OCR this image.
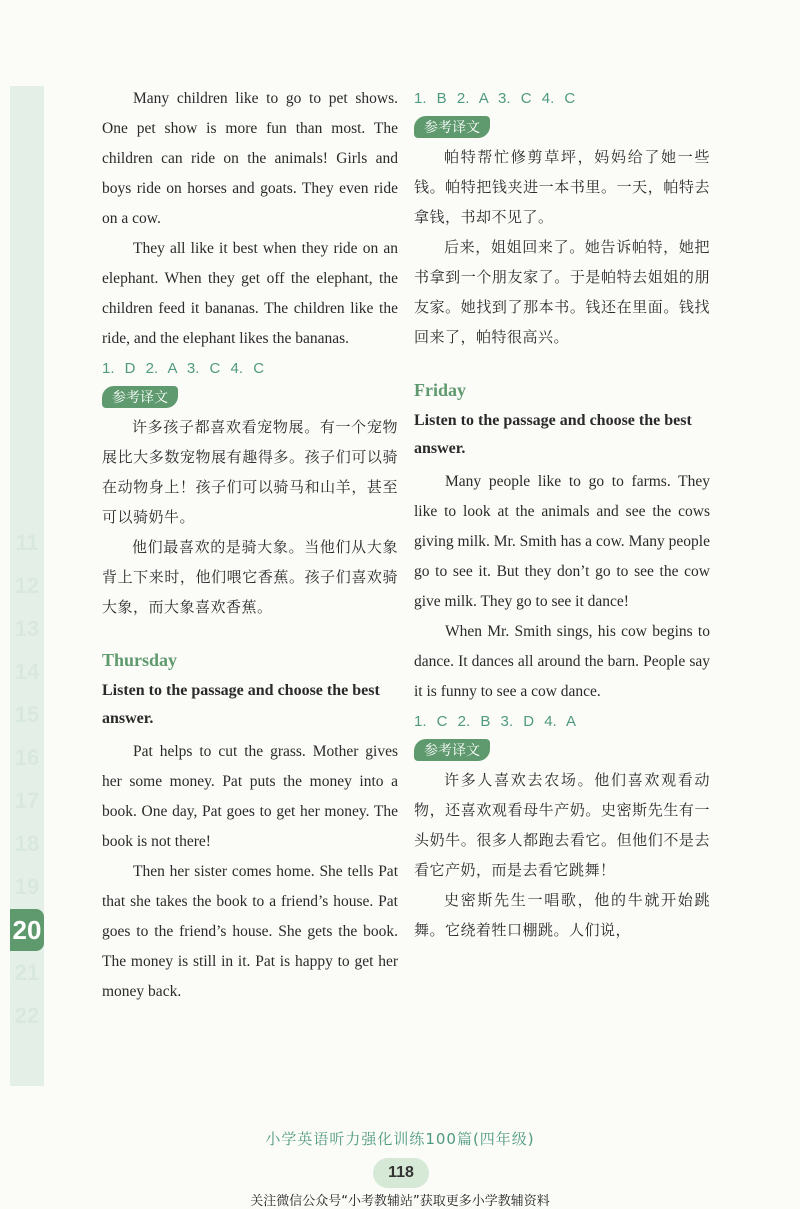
11
12
13
14
15
16
17
18
19
20
21
22

Many children like to go to pet shows. One pet show is more fun than most. The children can ride on the animals! Girls and boys ride on horses and goats. They even ride on a cow.

They all like it best when they ride on an elephant. When they get off the elephant, the children feed it bananas. The children like the ride, and the elephant likes the bananas.

1. D 2. A 3. C 4. C
参考译文

许多孩子都喜欢看宠物展。有一个宠物展比大多数宠物展有趣得多。孩子们可以骑在动物身上！孩子们可以骑马和山羊，甚至可以骑奶牛。

他们最喜欢的是骑大象。当他们从大象背上下来时，他们喂它香蕉。孩子们喜欢骑大象，而大象喜欢香蕉。

Thursday
Listen to the passage and choose the best answer.

Pat helps to cut the grass. Mother gives her some money. Pat puts the money into a book. One day, Pat goes to get her money. The book is not there!

Then her sister comes home. She tells Pat that she takes the book to a friend’s house. Pat goes to the friend’s house. She gets the book. The money is still in it. Pat is happy to get her money back.

1. B 2. A 3. C 4. C
参考译文

帕特帮忙修剪草坪，妈妈给了她一些钱。帕特把钱夹进一本书里。一天，帕特去拿钱，书却不见了。

后来，姐姐回来了。她告诉帕特，她把书拿到一个朋友家了。于是帕特去姐姐的朋友家。她找到了那本书。钱还在里面。钱找回来了，帕特很高兴。

Friday
Listen to the passage and choose the best answer.

Many people like to go to farms. They like to look at the animals and see the cows giving milk. Mr. Smith has a cow. Many people go to see it. But they don’t go to see the cow give milk. They go to see it dance!

When Mr. Smith sings, his cow begins to dance. It dances all around the barn. People say it is funny to see a cow dance.

1. C 2. B 3. D 4. A
参考译文

许多人喜欢去农场。他们喜欢观看动物，还喜欢观看母牛产奶。史密斯先生有一头奶牛。很多人都跑去看它。但他们不是去看它产奶，而是去看它跳舞！

史密斯先生一唱歌，他的牛就开始跳舞。它绕着牲口棚跳。人们说，

小学英语听力强化训练100篇(四年级)
118
关注微信公众号“小考教辅站”获取更多小学教辅资料
